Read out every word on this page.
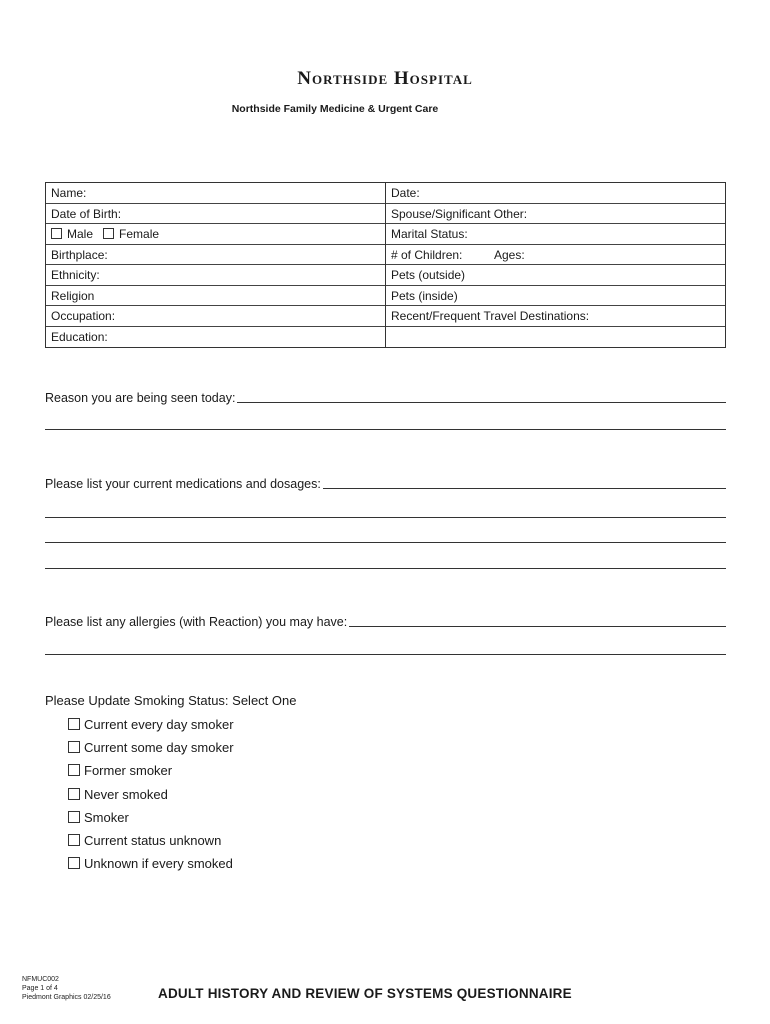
Northside Hospital
Northside Family Medicine & Urgent Care
Name:
Date of Birth:
Male Female
Birthplace:
Ethnicity:
Religion
Occupation:
Education:
Date:
Spouse/Significant Other:
Marital Status:
# of Children:	Ages:
Pets (outside)
Pets (inside)
Recent/Frequent Travel Destinations:
Reason you are being seen today:
Please list your current medications and dosages:
Please list any allergies (with Reaction) you may have:
Please Update Smoking Status: Select One
Current every day smoker
Current some day smoker
Former smoker
Never smoked
Smoker
Current status unknown
Unknown if every smoked
NFMUC002
Page 1 of 4
Piedmont Graphics 02/25/16	ADULT HISTORY AND REVIEW OF SYSTEMS QUESTIONNAIRE
